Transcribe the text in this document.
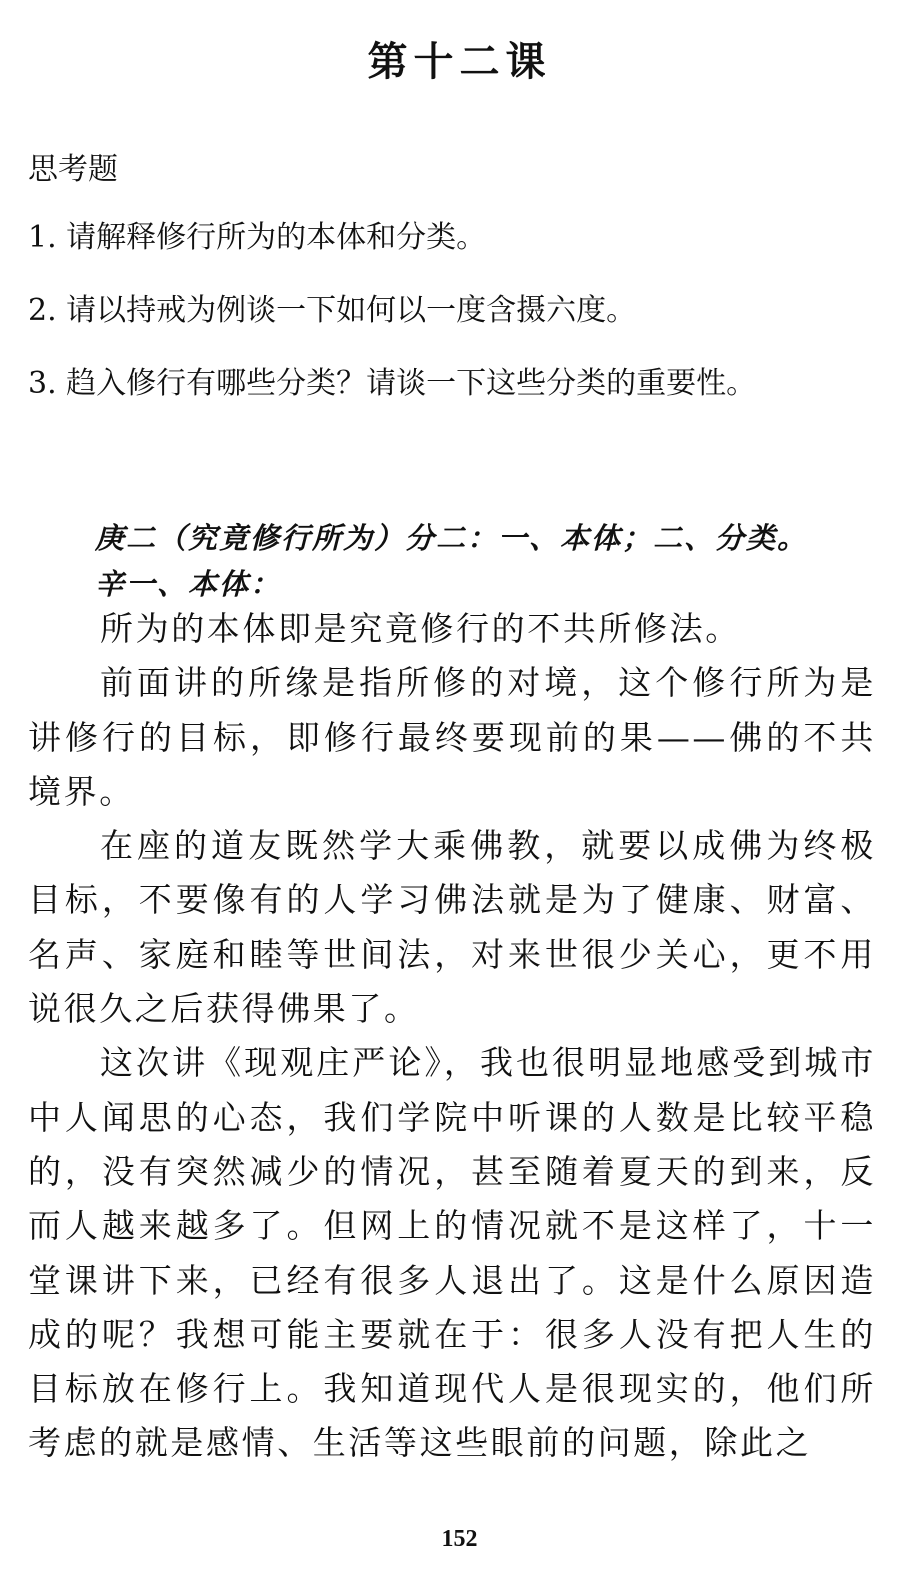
第十二课
思考题
1. 请解释修行所为的本体和分类。
2. 请以持戒为例谈一下如何以一度含摄六度。
3. 趋入修行有哪些分类？请谈一下这些分类的重要性。
庚二（究竟修行所为）分二：一、本体；二、分类。
辛一、本体：

所为的本体即是究竟修行的不共所修法。

前面讲的所缘是指所修的对境，这个修行所为是讲修行的目标，即修行最终要现前的果——佛的不共境界。

在座的道友既然学大乘佛教，就要以成佛为终极目标，不要像有的人学习佛法就是为了健康、财富、名声、家庭和睦等世间法，对来世很少关心，更不用说很久之后获得佛果了。

这次讲《现观庄严论》，我也很明显地感受到城市中人闻思的心态，我们学院中听课的人数是比较平稳的，没有突然减少的情况，甚至随着夏天的到来，反而人越来越多了。但网上的情况就不是这样了，十一堂课讲下来，已经有很多人退出了。这是什么原因造成的呢？我想可能主要就在于：很多人没有把人生的目标放在修行上。我知道现代人是很现实的，他们所考虑的就是感情、生活等这些眼前的问题，除此之

152
